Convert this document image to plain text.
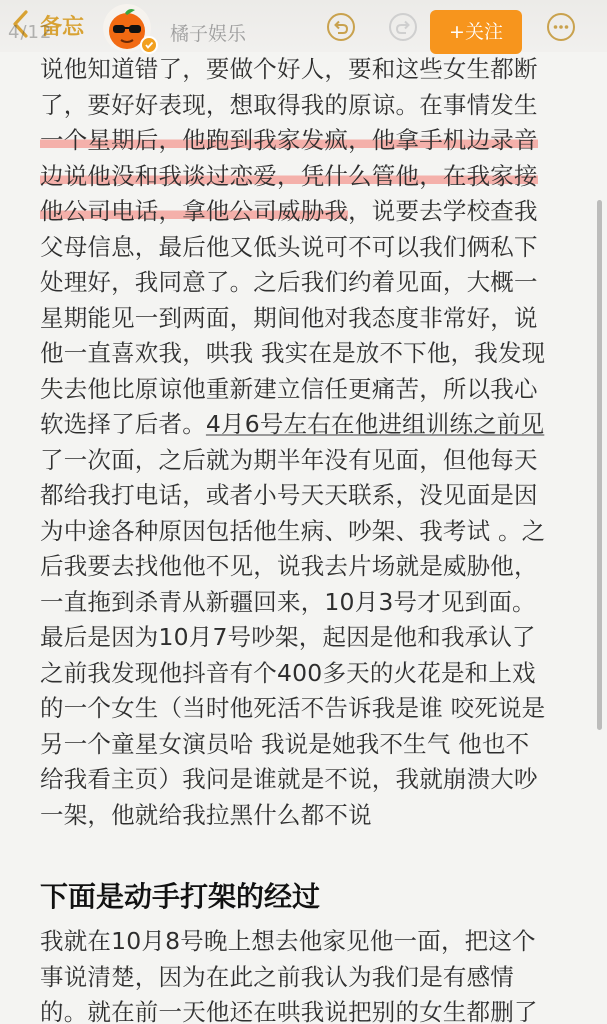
备忘
4/12	橘子娱乐	+关注
说他知道错了，要做个好人，要和这些女生都断
了，要好好表现，想取得我的原谅。在事情发生
一个星期后，他跑到我家发疯，他拿手机边录音
边说他没和我谈过恋爱，凭什么管他，在我家接
他公司电话，拿他公司威胁我，说要去学校查我
父母信息，最后他又低头说可不可以我们俩私下
处理好，我同意了。之后我们约着见面，大概一
星期能见一到两面，期间他对我态度非常好，说
他一直喜欢我，哄我 我实在是放不下他，我发现
失去他比原谅他重新建立信任更痛苦，所以我心
软选择了后者。4月6号左右在他进组训练之前见
了一次面，之后就为期半年没有见面，但他每天
都给我打电话，或者小号天天联系，没见面是因
为中途各种原因包括他生病、吵架、我考试 。之
后我要去找他他不见，说我去片场就是威胁他，
一直拖到杀青从新疆回来，10月3号才见到面。
最后是因为10月7号吵架，起因是他和我承认了
之前我发现他抖音有个400多天的火花是和上戏
的一个女生（当时他死活不告诉我是谁 咬死说是
另一个童星女演员哈 我说是她我不生气 他也不
给我看主页）我问是谁就是不说，我就崩溃大吵
一架，他就给我拉黑什么都不说
下面是动手打架的经过
我就在10月8号晚上想去他家见他一面，把这个
事说清楚，因为在此之前我认为我们是有感情
的。就在前一天他还在哄我说把别的女生都删了
